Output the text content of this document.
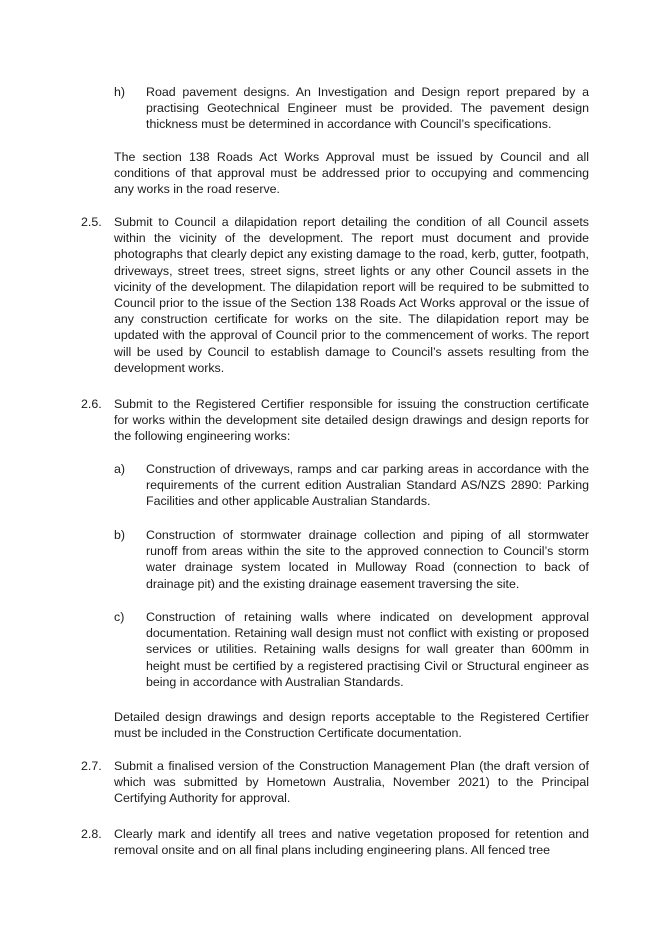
h) Road pavement designs. An Investigation and Design report prepared by a practising Geotechnical Engineer must be provided. The pavement design thickness must be determined in accordance with Council’s specifications.
The section 138 Roads Act Works Approval must be issued by Council and all conditions of that approval must be addressed prior to occupying and commencing any works in the road reserve.
2.5. Submit to Council a dilapidation report detailing the condition of all Council assets within the vicinity of the development. The report must document and provide photographs that clearly depict any existing damage to the road, kerb, gutter, footpath, driveways, street trees, street signs, street lights or any other Council assets in the vicinity of the development. The dilapidation report will be required to be submitted to Council prior to the issue of the Section 138 Roads Act Works approval or the issue of any construction certificate for works on the site. The dilapidation report may be updated with the approval of Council prior to the commencement of works. The report will be used by Council to establish damage to Council’s assets resulting from the development works.
2.6. Submit to the Registered Certifier responsible for issuing the construction certificate for works within the development site detailed design drawings and design reports for the following engineering works:
a) Construction of driveways, ramps and car parking areas in accordance with the requirements of the current edition Australian Standard AS/NZS 2890: Parking Facilities and other applicable Australian Standards.
b) Construction of stormwater drainage collection and piping of all stormwater runoff from areas within the site to the approved connection to Council’s storm water drainage system located in Mulloway Road (connection to back of drainage pit) and the existing drainage easement traversing the site.
c) Construction of retaining walls where indicated on development approval documentation. Retaining wall design must not conflict with existing or proposed services or utilities. Retaining walls designs for wall greater than 600mm in height must be certified by a registered practising Civil or Structural engineer as being in accordance with Australian Standards.
Detailed design drawings and design reports acceptable to the Registered Certifier must be included in the Construction Certificate documentation.
2.7. Submit a finalised version of the Construction Management Plan (the draft version of which was submitted by Hometown Australia, November 2021) to the Principal Certifying Authority for approval.
2.8. Clearly mark and identify all trees and native vegetation proposed for retention and removal onsite and on all final plans including engineering plans. All fenced tree
